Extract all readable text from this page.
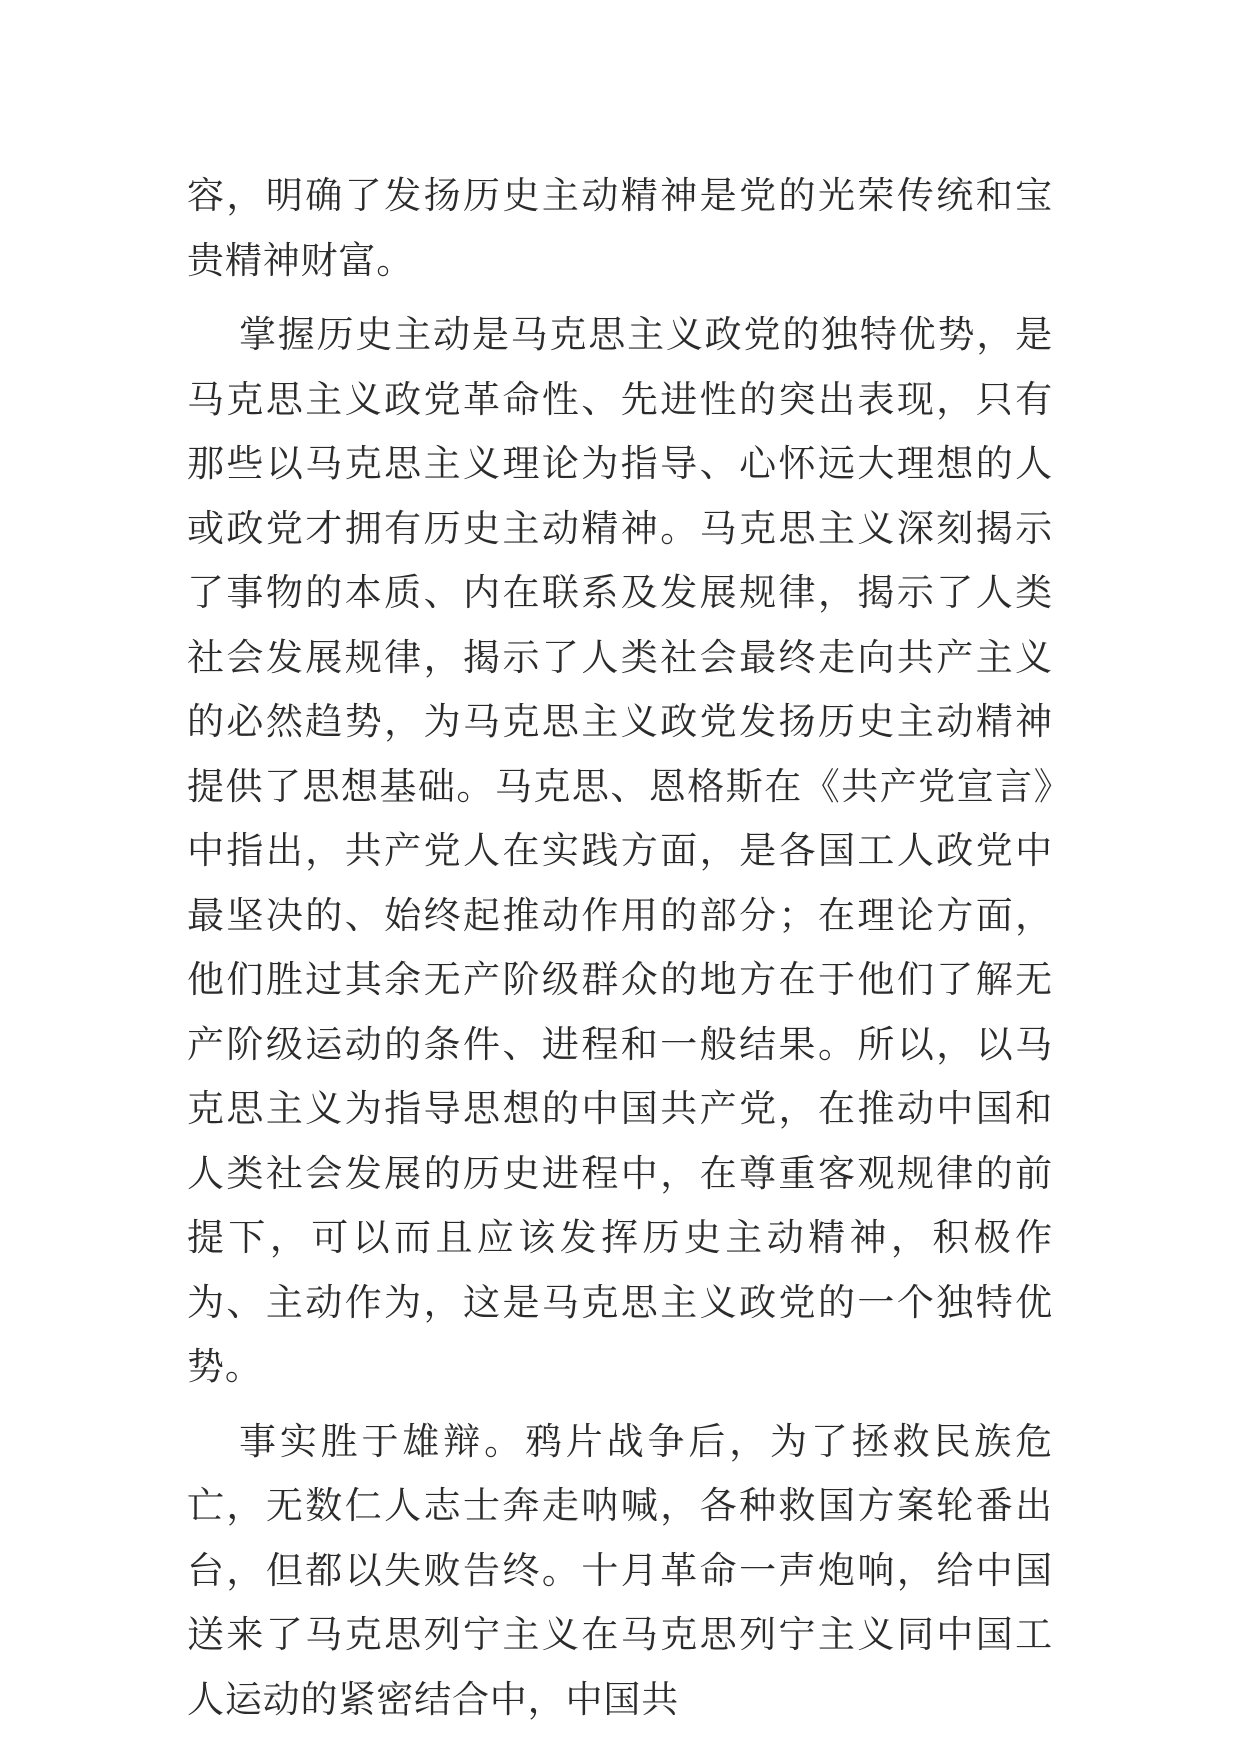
容，明确了发扬历史主动精神是党的光荣传统和宝贵精神财富。

掌握历史主动是马克思主义政党的独特优势，是马克思主义政党革命性、先进性的突出表现，只有那些以马克思主义理论为指导、心怀远大理想的人或政党才拥有历史主动精神。马克思主义深刻揭示了事物的本质、内在联系及发展规律，揭示了人类社会发展规律，揭示了人类社会最终走向共产主义的必然趋势，为马克思主义政党发扬历史主动精神提供了思想基础。马克思、恩格斯在《共产党宣言》中指出，共产党人在实践方面，是各国工人政党中最坚决的、始终起推动作用的部分；在理论方面，他们胜过其余无产阶级群众的地方在于他们了解无产阶级运动的条件、进程和一般结果。所以，以马克思主义为指导思想的中国共产党，在推动中国和人类社会发展的历史进程中，在尊重客观规律的前提下，可以而且应该发挥历史主动精神，积极作为、主动作为，这是马克思主义政党的一个独特优势。

事实胜于雄辩。鸦片战争后，为了拯救民族危亡，无数仁人志士奔走呐喊，各种救国方案轮番出台，但都以失败告终。十月革命一声炮响，给中国送来了马克思列宁主义在马克思列宁主义同中国工人运动的紧密结合中，中国共
